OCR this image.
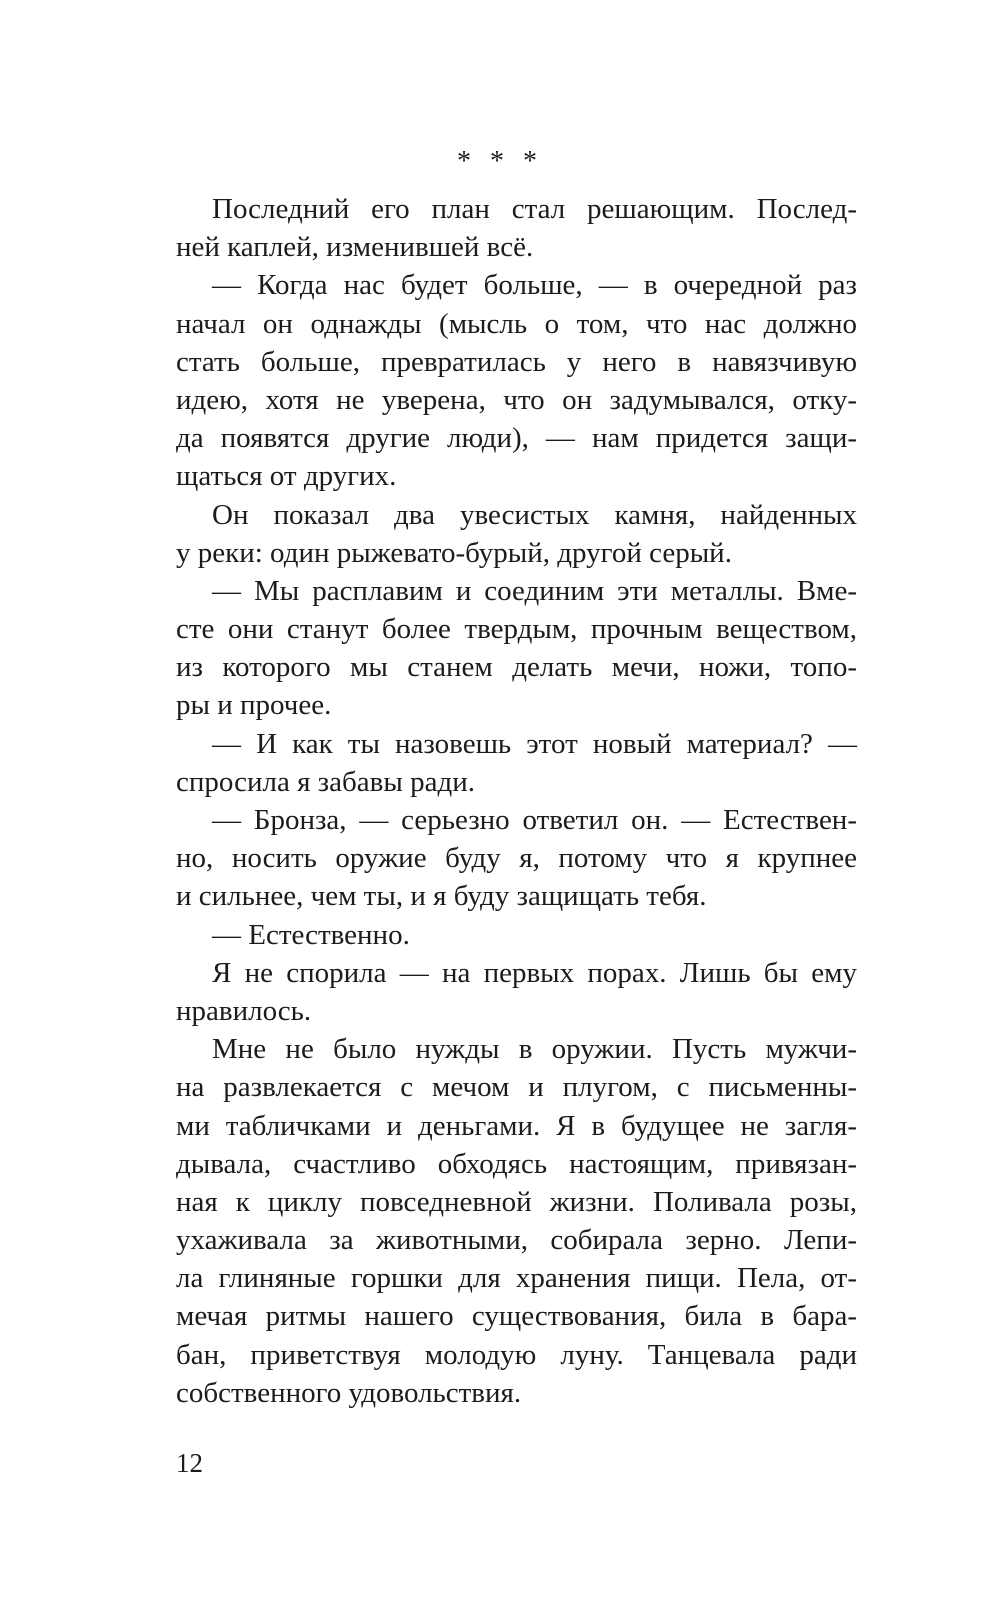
* * *
Последний его план стал решающим. Послед-
ней каплей, изменившей всё.
— Когда нас будет больше, — в очередной раз
начал он однажды (мысль о том, что нас должно
стать больше, превратилась у него в навязчивую
идею, хотя не уверена, что он задумывался, отку-
да появятся другие люди), — нам придется защи-
щаться от других.
Он показал два увесистых камня, найденных
у реки: один рыжевато-бурый, другой серый.
— Мы расплавим и соединим эти металлы. Вме-
сте они станут более твердым, прочным веществом,
из которого мы станем делать мечи, ножи, топо-
ры и прочее.
— И как ты назовешь этот новый материал? —
спросила я забавы ради.
— Бронза, — серьезно ответил он. — Естествен-
но, носить оружие буду я, потому что я крупнее
и сильнее, чем ты, и я буду защищать тебя.
— Естественно.
Я не спорила — на первых порах. Лишь бы ему
нравилось.
Мне не было нужды в оружии. Пусть мужчи-
на развлекается с мечом и плугом, с письменны-
ми табличками и деньгами. Я в будущее не загля-
дывала, счастливо обходясь настоящим, привязан-
ная к циклу повседневной жизни. Поливала розы,
ухаживала за животными, собирала зерно. Лепи-
ла глиняные горшки для хранения пищи. Пела, от-
мечая ритмы нашего существования, била в бара-
бан, приветствуя молодую луну. Танцевала ради
собственного удовольствия.
12
